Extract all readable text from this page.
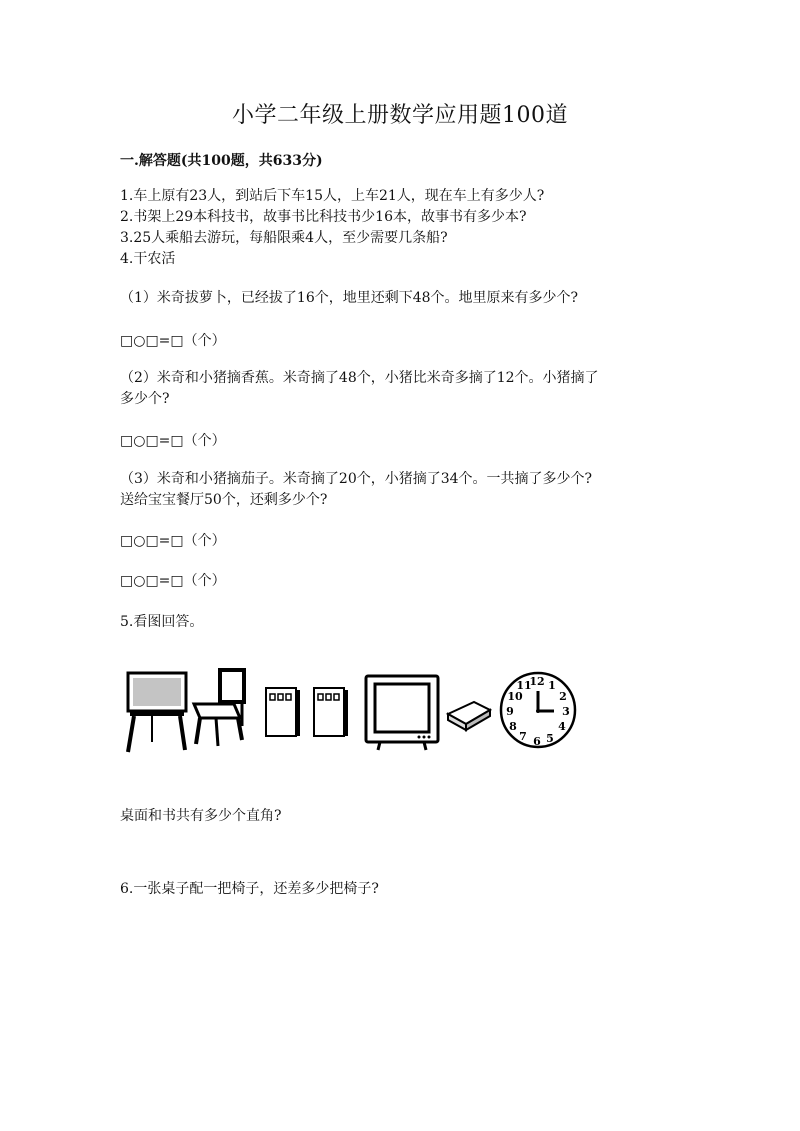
小学二年级上册数学应用题100道
一.解答题(共100题，共633分)
1.车上原有23人，到站后下车15人，上车21人，现在车上有多少人?
2.书架上29本科技书，故事书比科技书少16本，故事书有多少本?
3.25人乘船去游玩，每船限乘4人，至少需要几条船?
4.干农活
（1）米奇拔萝卜，已经拔了16个，地里还剩下48个。地里原来有多少个?
□○□=□（个）
（2）米奇和小猪摘香蕉。米奇摘了48个，小猪比米奇多摘了12个。小猪摘了
多少个?
□○□=□（个）
（3）米奇和小猪摘茄子。米奇摘了20个，小猪摘了34个。一共摘了多少个?
送给宝宝餐厅50个，还剩多少个?
□○□=□（个）
□○□=□（个）
5.看图回答。
12 1
2
3
4
5
6
7
8
9
10
11
桌面和书共有多少个直角?
6.一张桌子配一把椅子，还差多少把椅子?
